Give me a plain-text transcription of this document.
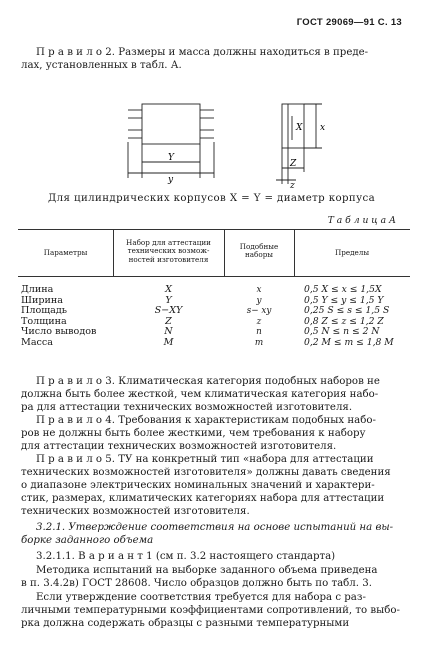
ГОСТ 29069—91 С. 13
П р а в и л о 2. Размеры и масса должны находиться в преде-
лах, установленных в табл. А.
Y
y
X x
Z
z
Для цилиндрических корпусов X = Y = диаметр корпуса
Т а б л и ц а А
Параметры
Набор для аттестации
технических возмож-
ностей изготовителя
Подобные
наборы	Пределы
Длина
Ширина
Площадь
Толщина
Число выводов
Масса
X
Y
S−XY
Z
N
M
x
y
s− xy
z
n
m
0,5 X ≤ x ≤ 1,5X
0,5 Y ≤ y ≤ 1,5 Y
0,25 S ≤ s ≤ 1,5 S
0,8 Z ≤ z ≤ 1,2 Z
0,5 N ≤ n ≤ 2 N
0,2 M ≤ m ≤ 1,8 M
П р а в и л о 3. Климатическая категория подобных наборов не
должна быть более жесткой, чем климатическая категория набо-
ра для аттестации технических возможностей изготовителя.
П р а в и л о 4. Требования к характеристикам подобных набо-
ров не должны быть более жесткими, чем требования к набору
для аттестации технических возможностей изготовителя.
П р а в и л о 5. ТУ на конкретный тип «набора для аттестации
технических возможностей изготовителя» должны давать сведения
о диапазоне электрических номинальных значений и характери-
стик, размерах, климатических категориях набора для аттестации
технических возможностей изготовителя.
3.2.1. Утверждение соответствия на основе испытаний на вы-
борке заданного объема
3.2.1.1. В а р и а н т 1 (см п. 3.2 настоящего стандарта)
Методика испытаний на выборке заданного объема приведена
в п. 3.4.2в) ГОСТ 28608. Число образцов должно быть по табл. 3.
Если утверждение соответствия требуется для набора с раз-
личными температурными коэффициентами сопротивлений, то выбо-
рка должна содержать образцы с разными температурными
